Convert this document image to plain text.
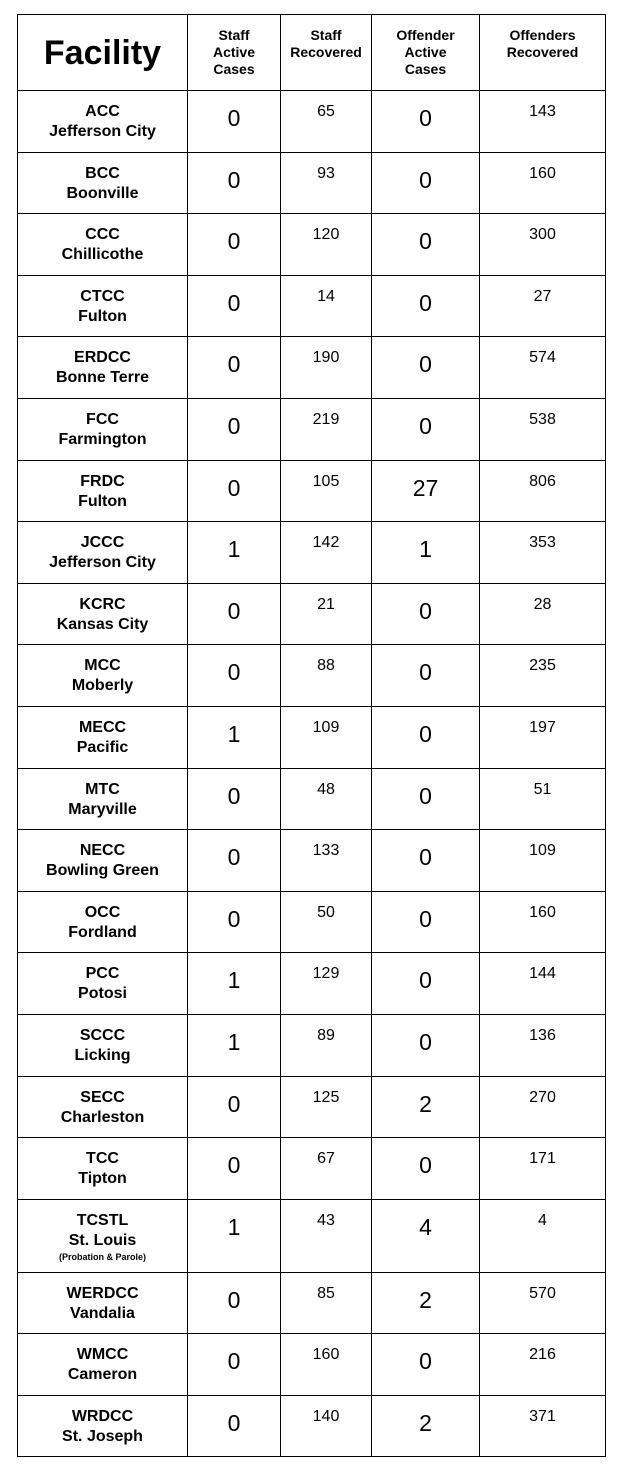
Facility	Staff
Active
Cases	Staff
Recovered	Offender
Active
Cases	Offenders
Recovered

ACC
Jefferson City	0	65	0	143

BCC
Boonville	0	93	0	160

CCC
Chillicothe	0	120	0	300

CTCC
Fulton	0	14	0	27

ERDCC
Bonne Terre	0	190	0	574

FCC
Farmington	0	219	0	538

FRDC
Fulton	0	105	27	806

JCCC
Jefferson City	1	142	1	353

KCRC
Kansas City	0	21	0	28

MCC
Moberly	0	88	0	235

MECC
Pacific	1	109	0	197

MTC
Maryville	0	48	0	51

NECC
Bowling Green	0	133	0	109

OCC
Fordland	0	50	0	160

PCC
Potosi	1	129	0	144

SCCC
Licking	1	89	0	136

SECC
Charleston	0	125	2	270

TCC
Tipton	0	67	0	171

TCSTL
St. Louis
(Probation & Parole)	1	43	4	4

WERDCC
Vandalia	0	85	2	570

WMCC
Cameron	0	160	0	216

WRDCC
St. Joseph	0	140	2	371
